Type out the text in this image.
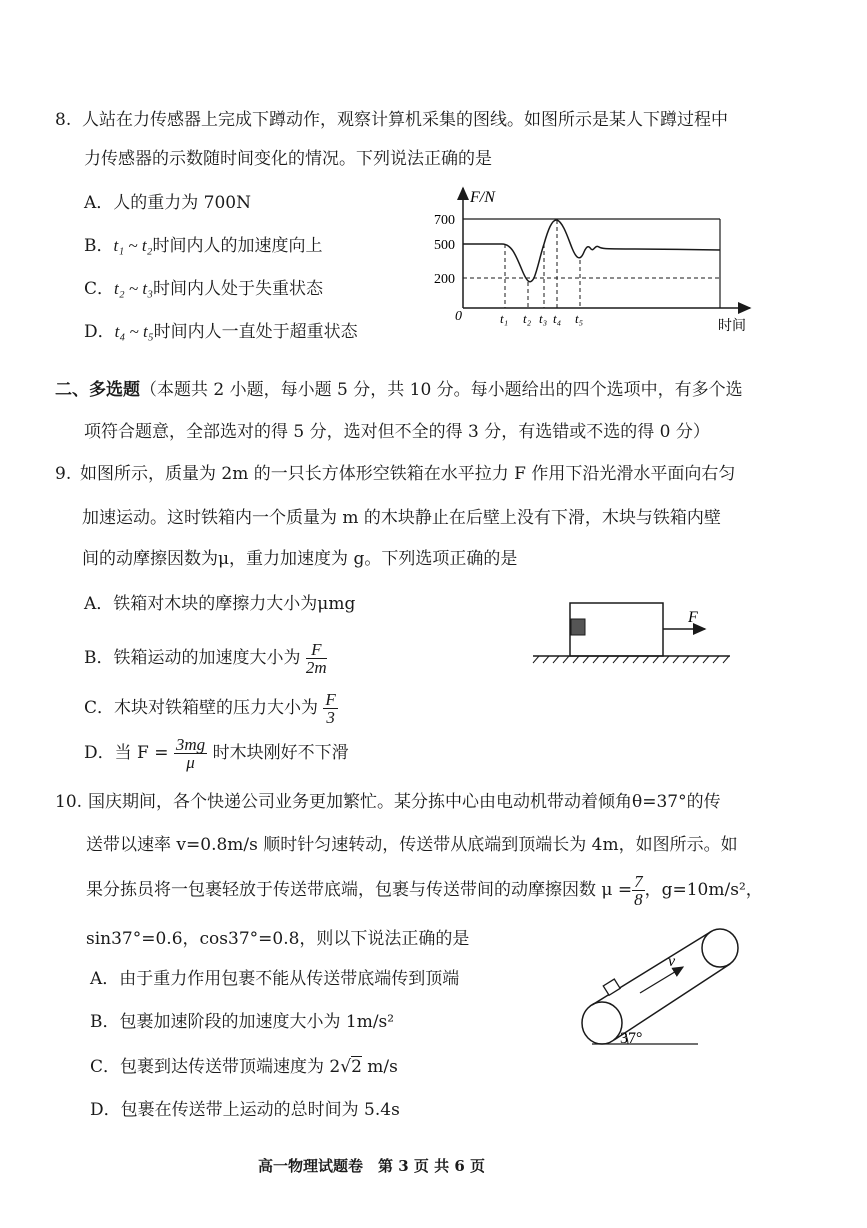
8. 人站在力传感器上完成下蹲动作，观察计算机采集的图线。如图所示是某人下蹲过程中
力传感器的示数随时间变化的情况。下列说法正确的是
A．人的重力为 700N
B．t₁ ~ t₂时间内人的加速度向上
C．t₂ ~ t₃时间内人处于失重状态
D．t₄ ~ t₅时间内人一直处于超重状态
F/N
700
500
200
0	t₁ t₂ t₃ t₄ t₅
时间
二、多选题（本题共 2 小题，每小题 5 分，共 10 分。每小题给出的四个选项中，有多个选
项符合题意，全部选对的得 5 分，选对但不全的得 3 分，有选错或不选的得 0 分）
9. 如图所示，质量为 2m 的一只长方体形空铁箱在水平拉力 F 作用下沿光滑水平面向右匀
加速运动。这时铁箱内一个质量为 m 的木块静止在后壁上没有下滑，木块与铁箱内壁
间的动摩擦因数为μ，重力加速度为 g。下列选项正确的是
A．铁箱对木块的摩擦力大小为μmg
B．铁箱运动的加速度大小为 $\frac{F}{2m}$
C．木块对铁箱壁的压力大小为 $\frac{F}{3}$
D．当 $F = \frac{3mg}{\mu}$ 时木块刚好不下滑
F
10. 国庆期间，各个快递公司业务更加繁忙。某分拣中心由电动机带动着倾角θ=37°的传
送带以速率 v=0.8m/s 顺时针匀速转动，传送带从底端到顶端长为 4m，如图所示。如
果分拣员将一包裹轻放于传送带底端，包裹与传送带间的动摩擦因数 $\mu = \frac{7}{8}$ ，g=10m/s²，
sin37°=0.6，cos37°=0.8，则以下说法正确的是
A．由于重力作用包裹不能从传送带底端传到顶端
B．包裹加速阶段的加速度大小为 1m/s²
C．包裹到达传送带顶端速度为 2√2 m/s
D．包裹在传送带上运动的总时间为 5.4s
v
37°
高一物理试题卷　第 3 页 共 6 页
